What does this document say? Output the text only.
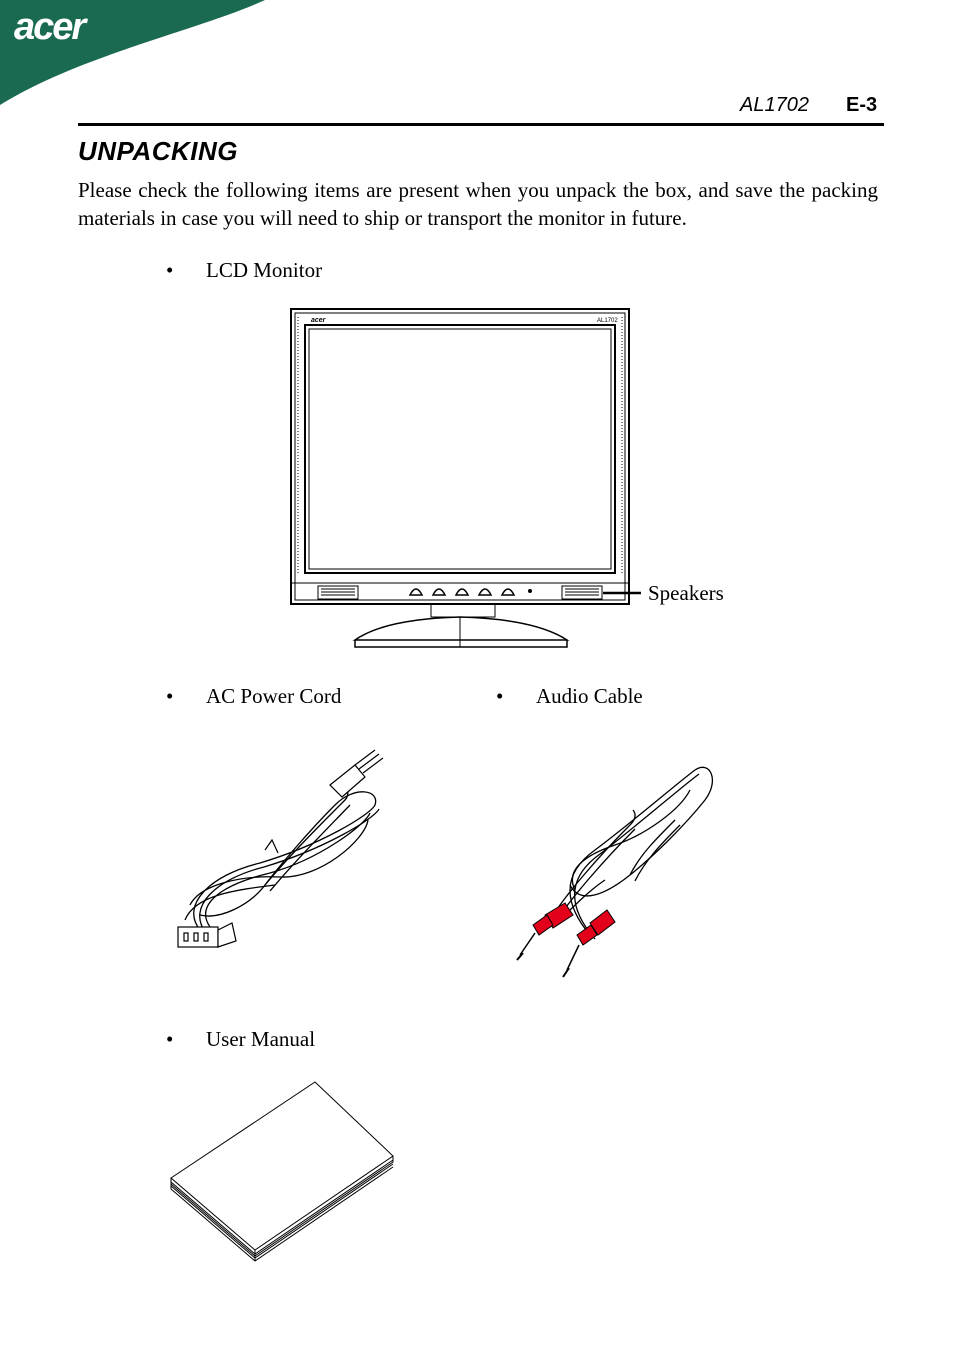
acer
AL1702 E-3
UNPACKING

Please check the following items are present when you unpack the box, and save the packing materials in case you will need to ship or transport the monitor in future.

• LCD Monitor
acer	AL1702
Speakers
• AC Power Cord	• Audio Cable
• User Manual
